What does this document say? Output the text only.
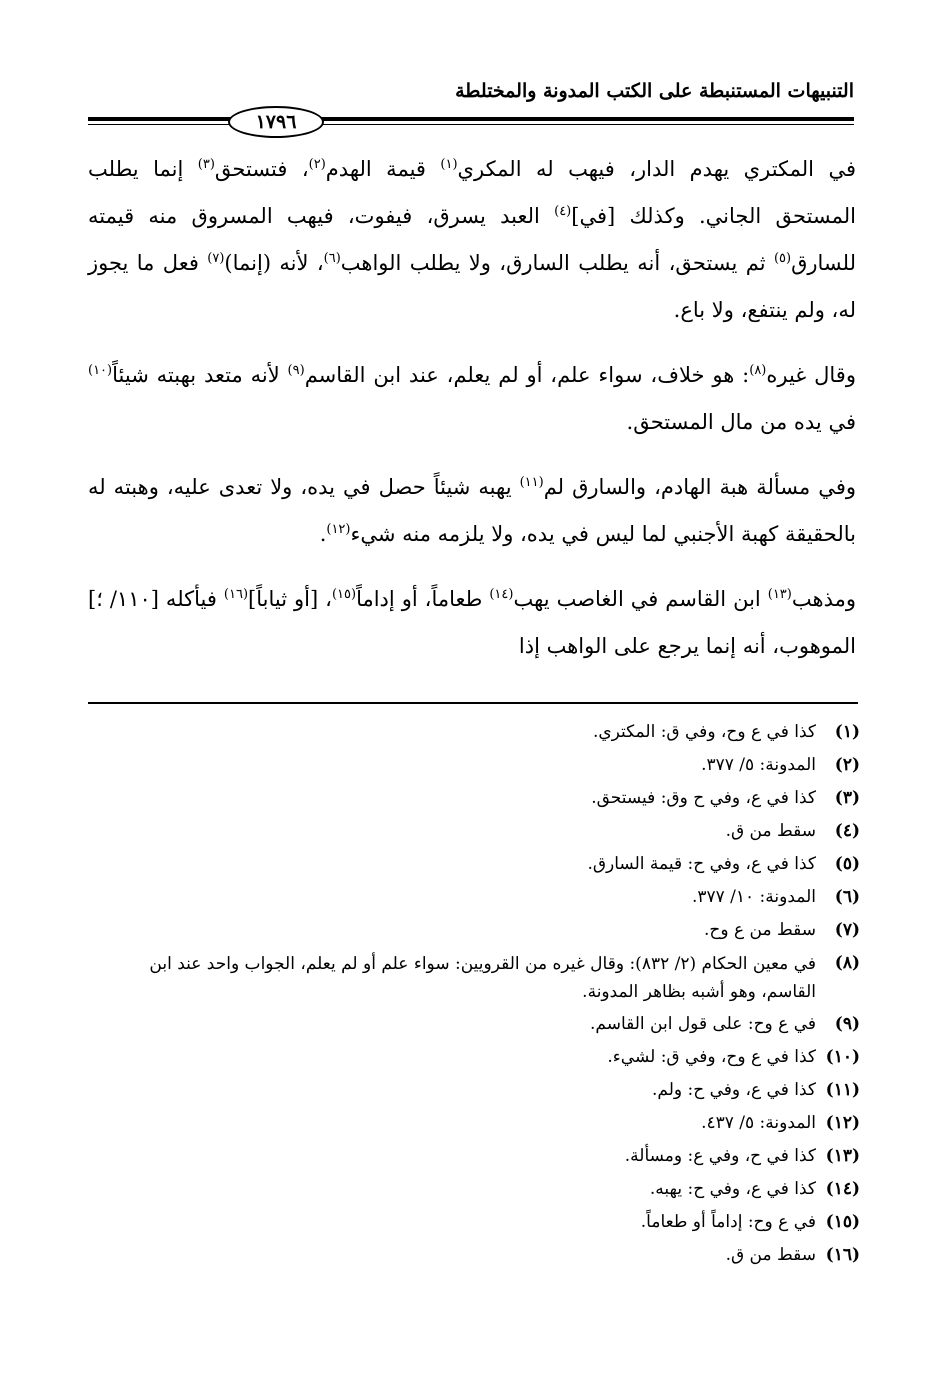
التنبيهات المستنبطة على الكتب المدونة والمختلطة
١٧٩٦

في المكتري يهدم الدار، فيهب له المكري$^{(١)}$ قيمة الهدم$^{(٢)}$، فتستحق$^{(٣)}$ إنما يطلب المستحق الجاني. وكذلك [في]$^{(٤)}$ العبد يسرق، فيفوت، فيهب المسروق منه قيمته للسارق$^{(٥)}$ ثم يستحق، أنه يطلب السارق، ولا يطلب الواهب$^{(٦)}$، لأنه (إنما)$^{(٧)}$ فعل ما يجوز له، ولم ينتفع، ولا باع.

وقال غيره$^{(٨)}$: هو خلاف، سواء علم، أو لم يعلم، عند ابن القاسم$^{(٩)}$ لأنه متعد بهبته شيئاً$^{(١٠)}$ في يده من مال المستحق.

وفي مسألة هبة الهادم، والسارق لم$^{(١١)}$ يهبه شيئاً حصل في يده، ولا تعدى عليه، وهبته له بالحقيقة كهبة الأجنبي لما ليس في يده، ولا يلزمه منه شيء$^{(١٢)}$.

ومذهب$^{(١٣)}$ ابن القاسم في الغاصب يهب$^{(١٤)}$ طعاماً، أو إداماً$^{(١٥)}$، [أو ثياباً]$^{(١٦)}$ فيأكله [١١٠/ ؛] الموهوب، أنه إنما يرجع على الواهب إذا

(١)
كذا في ع وح، وفي ق: المكتري.
(٢)
المدونة: ٥/ ٣٧٧.
(٣)
كذا في ع، وفي ح وق: فيستحق.
(٤)
سقط من ق.
(٥)
كذا في ع، وفي ح: قيمة السارق.
(٦)
المدونة: ١٠/ ٣٧٧.
(٧)
سقط من ع وح.
(٨)
في معين الحكام (٢/ ٨٣٢): وقال غيره من القرويين: سواء علم أو لم يعلم، الجواب واحد عند ابن القاسم، وهو أشبه بظاهر المدونة.
(٩)
في ع وح: على قول ابن القاسم.
(١٠)
كذا في ع وح، وفي ق: لشيء.
(١١)
كذا في ع، وفي ح: ولم.
(١٢)
المدونة: ٥/ ٤٣٧.
(١٣)
كذا في ح، وفي ع: ومسألة.
(١٤)
كذا في ع، وفي ح: يهبه.
(١٥)
في ع وح: إداماً أو طعاماً.
(١٦)
سقط من ق.
